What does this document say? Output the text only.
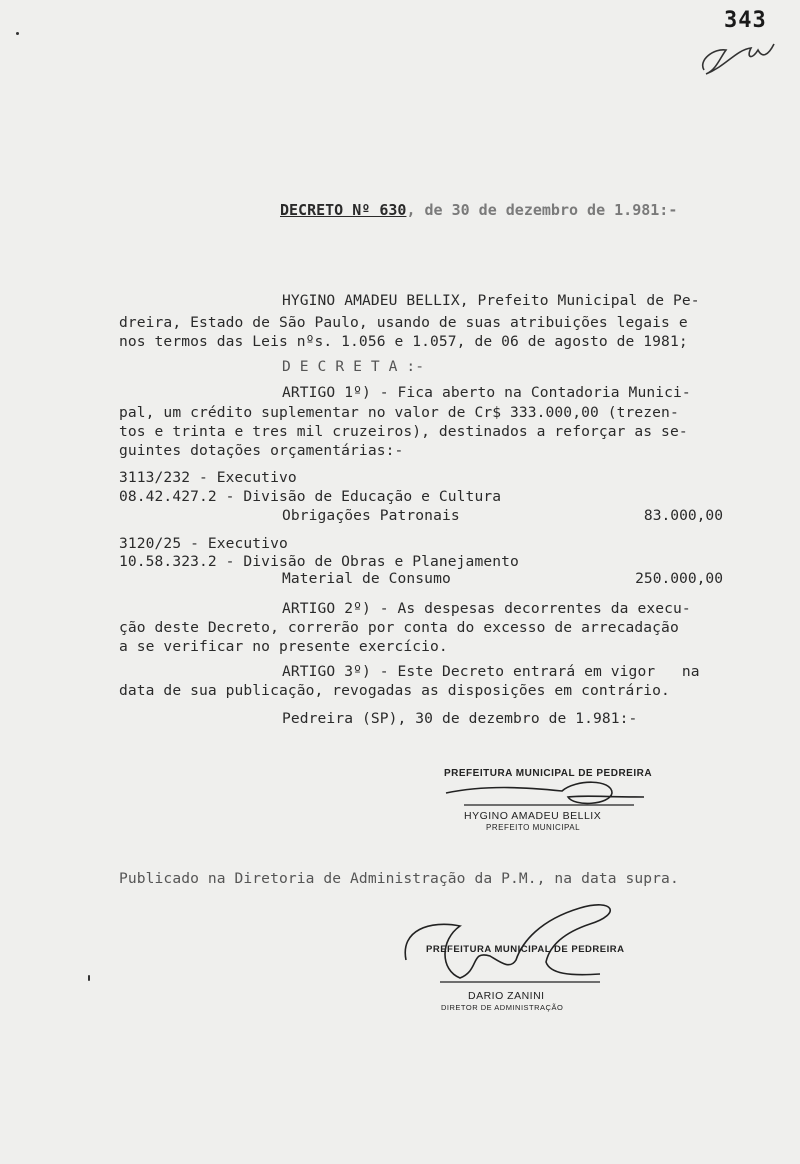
343
DECRETO Nº 630, de 30 de dezembro de 1.981:-
HYGINO AMADEU BELLIX, Prefeito Municipal de Pe-
dreira, Estado de São Paulo, usando de suas atribuições legais e
nos termos das Leis nºs. 1.056 e 1.057, de 06 de agosto de 1981;
D E C R E T A :-
ARTIGO 1º) - Fica aberto na Contadoria Munici-
pal, um crédito suplementar no valor de Cr$ 333.000,00 (trezen-
tos e trinta e tres mil cruzeiros), destinados a reforçar as se-
guintes dotações orçamentárias:-
3113/232 - Executivo
08.42.427.2 - Divisão de Educação e Cultura
Obrigações Patronais	83.000,00
3120/25 - Executivo
10.58.323.2 - Divisão de Obras e Planejamento
Material de Consumo	250.000,00
ARTIGO 2º) - As despesas decorrentes da execu-
ção deste Decreto, correrão por conta do excesso de arrecadação
a se verificar no presente exercício.
ARTIGO 3º) - Este Decreto entrará em vigor   na
data de sua publicação, revogadas as disposições em contrário.
Pedreira (SP), 30 de dezembro de 1.981:-
PREFEITURA MUNICIPAL DE PEDREIRA
HYGINO AMADEU BELLIX
PREFEITO MUNICIPAL
Publicado na Diretoria de Administração da P.M., na data supra.
PREFEITURA MUNICIPAL DE PEDREIRA
DARIO ZANINI
DIRETOR DE ADMINISTRAÇÃO
